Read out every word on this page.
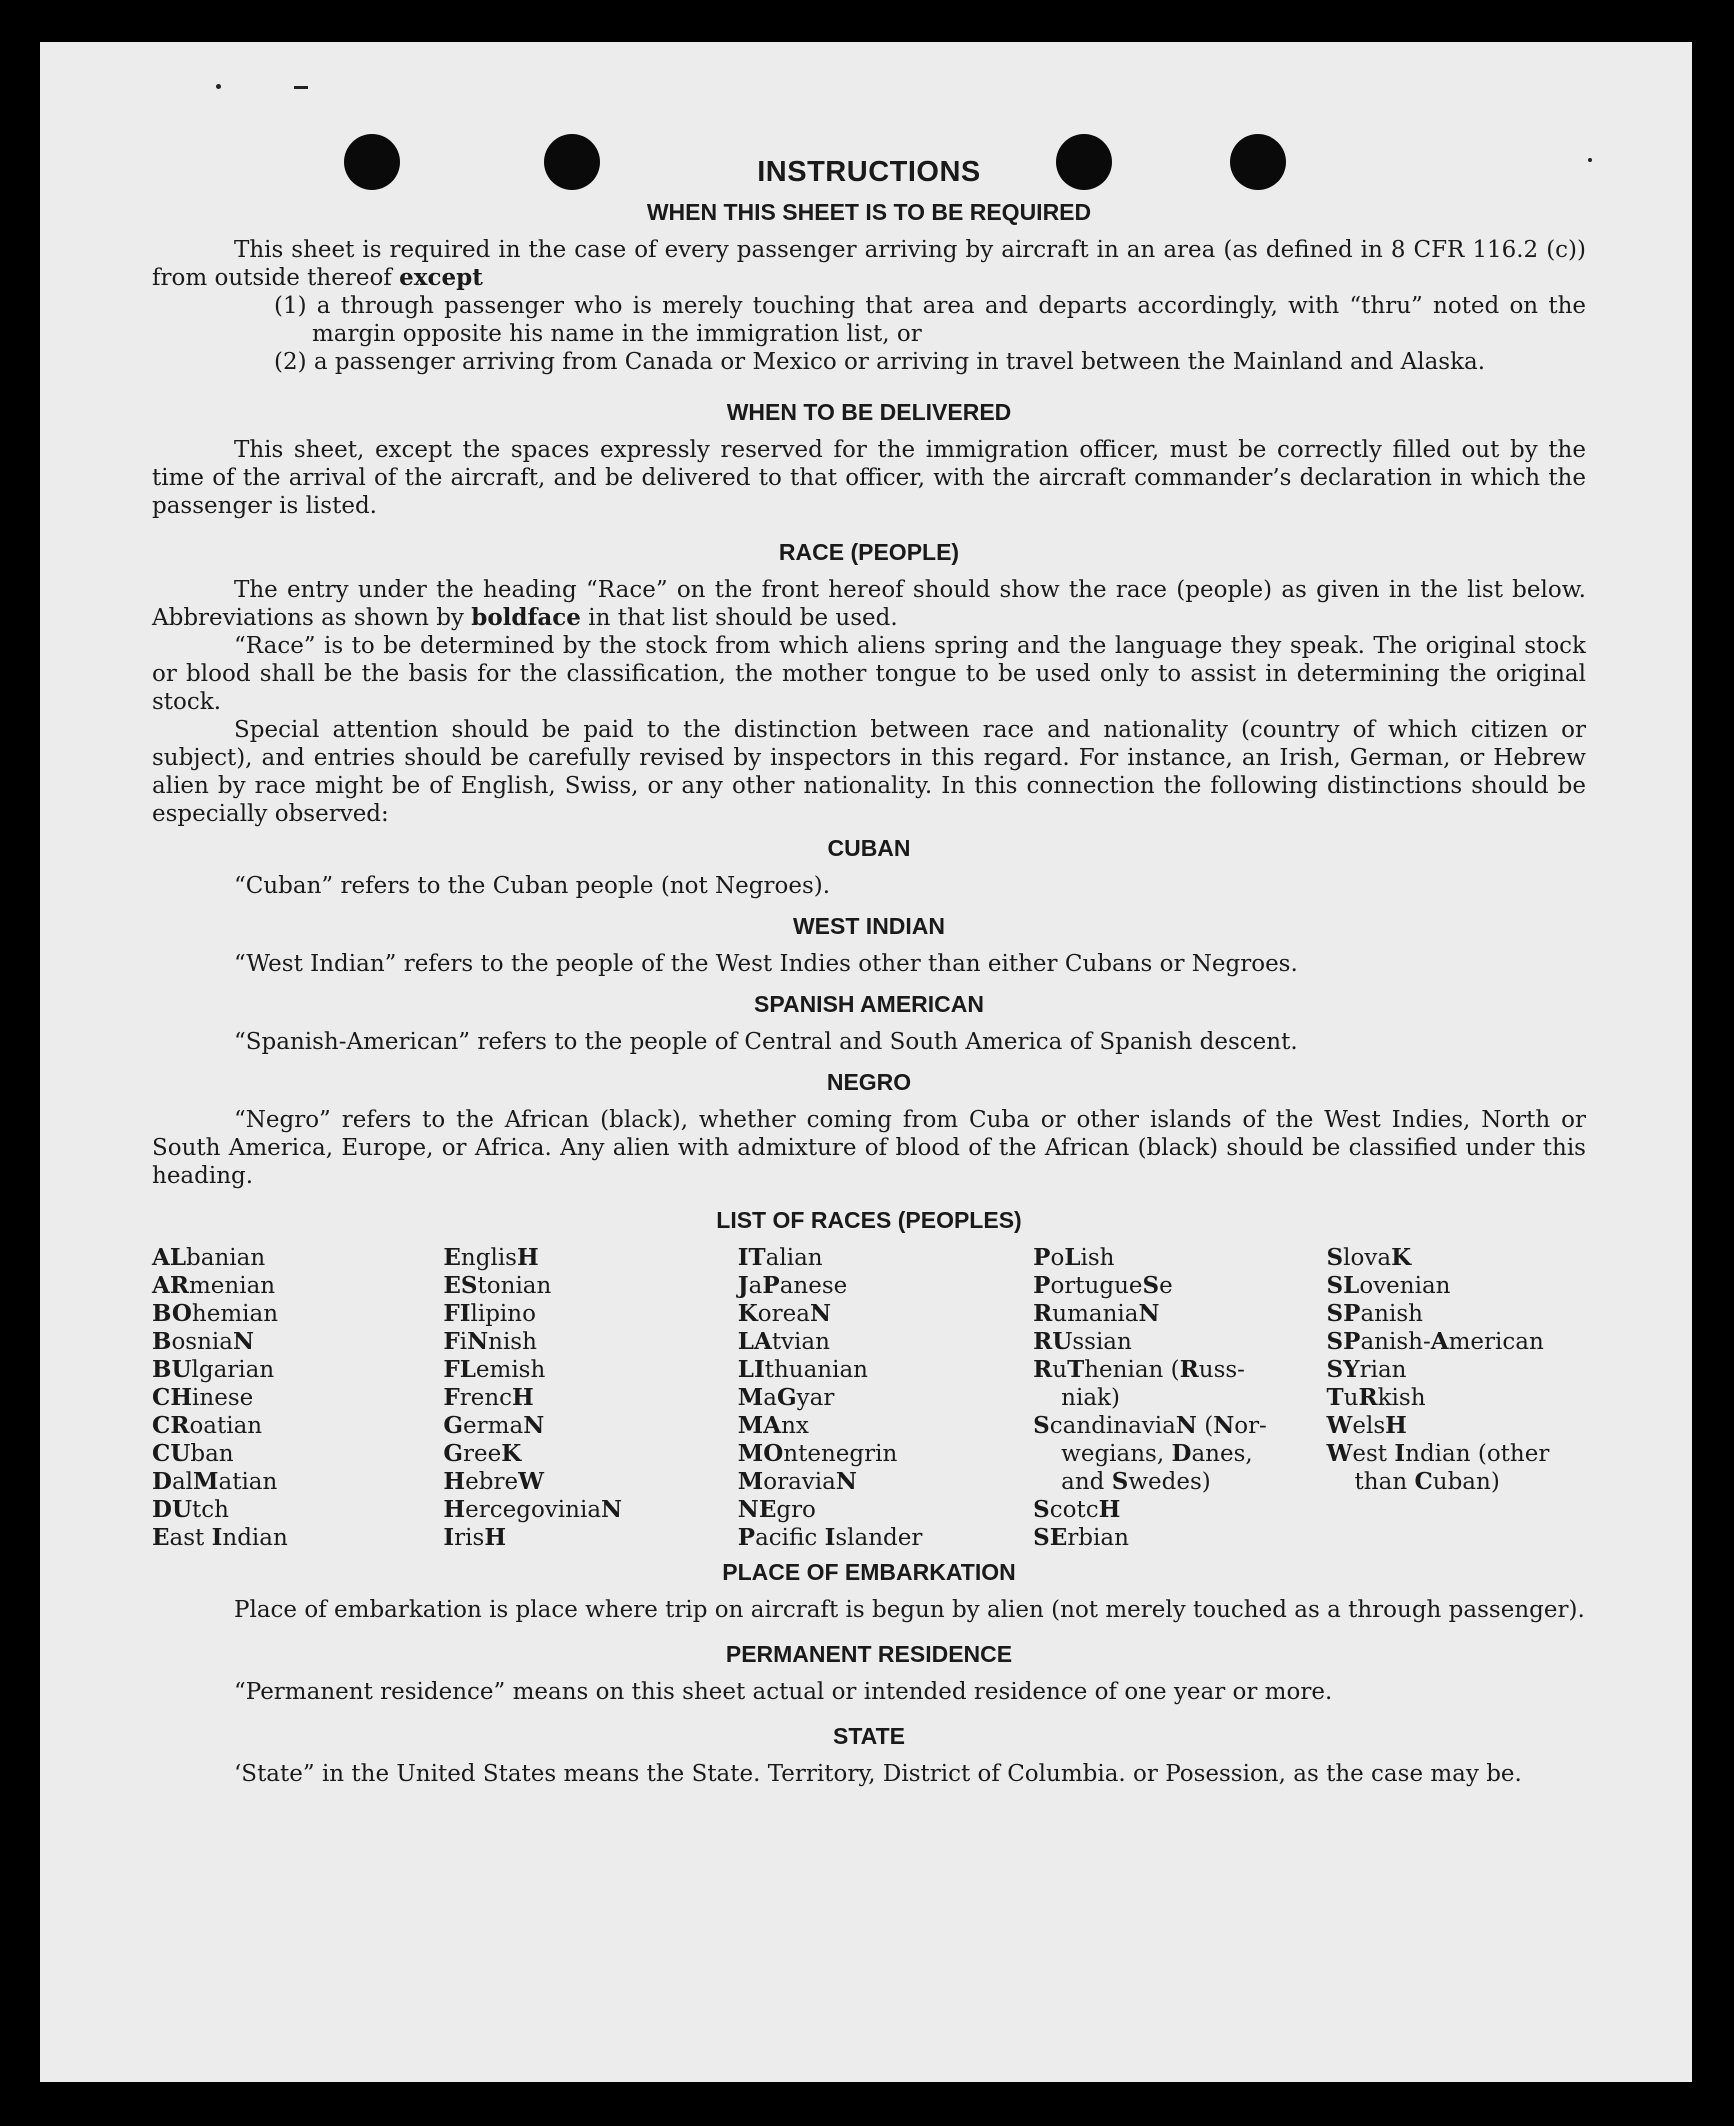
INSTRUCTIONS
WHEN THIS SHEET IS TO BE REQUIRED

This sheet is required in the case of every passenger arriving by aircraft in an area (as defined in 8 CFR 116.2 (c)) from outside thereof except

(1) a through passenger who is merely touching that area and departs accordingly, with “thru” noted on the margin opposite his name in the immigration list, or

(2) a passenger arriving from Canada or Mexico or arriving in travel between the Mainland and Alaska.

WHEN TO BE DELIVERED

This sheet, except the spaces expressly reserved for the immigration officer, must be correctly filled out by the time of the arrival of the aircraft, and be delivered to that officer, with the aircraft commander’s declaration in which the passenger is listed.

RACE (PEOPLE)

The entry under the heading “Race” on the front hereof should show the race (people) as given in the list below. Abbreviations as shown by boldface in that list should be used.

“Race” is to be determined by the stock from which aliens spring and the language they speak. The original stock or blood shall be the basis for the classification, the mother tongue to be used only to assist in determining the original stock.

Special attention should be paid to the distinction between race and nationality (country of which citizen or subject), and entries should be carefully revised by inspectors in this regard. For instance, an Irish, German, or Hebrew alien by race might be of English, Swiss, or any other nationality. In this connection the following distinctions should be especially observed:

CUBAN

“Cuban” refers to the Cuban people (not Negroes).

WEST INDIAN

“West Indian” refers to the people of the West Indies other than either Cubans or Negroes.

SPANISH AMERICAN

“Spanish-American” refers to the people of Central and South America of Spanish descent.

NEGRO

“Negro” refers to the African (black), whether coming from Cuba or other islands of the West Indies, North or South America, Europe, or Africa. Any alien with admixture of blood of the African (black) should be classified under this heading.

LIST OF RACES (PEOPLES)
ALbanian
ARmenian
BOhemian
BosniaN
BUlgarian
CHinese
CRoatian
CUban
DalMatian
DUtch
East Indian
EnglisH
EStonian
FIlipino
FiNnish
FLemish
FrencH
GermaN
GreeK
HebreW
HercegoviniaN
IrisH
ITalian
JaPanese
KoreaN
LAtvian
LIthuanian
MaGyar
MAnx
MOntenegrin
MoraviaN
NEgro
Pacific Islander
PoLish
PortugueSe
RumaniaN
RUssian
RuThenian (Russ-
niak)
ScandinaviaN (Nor-
wegians, Danes,
and Swedes)
ScotcH
SErbian
SlovaK
SLovenian
SPanish
SPanish-American
SYrian
TuRkish
WelsH
West Indian (other
than Cuban)
PLACE OF EMBARKATION

Place of embarkation is place where trip on aircraft is begun by alien (not merely touched as a through passenger).

PERMANENT RESIDENCE

“Permanent residence” means on this sheet actual or intended residence of one year or more.

STATE

‘State” in the United States means the State. Territory, District of Columbia. or Posession, as the case may be.
